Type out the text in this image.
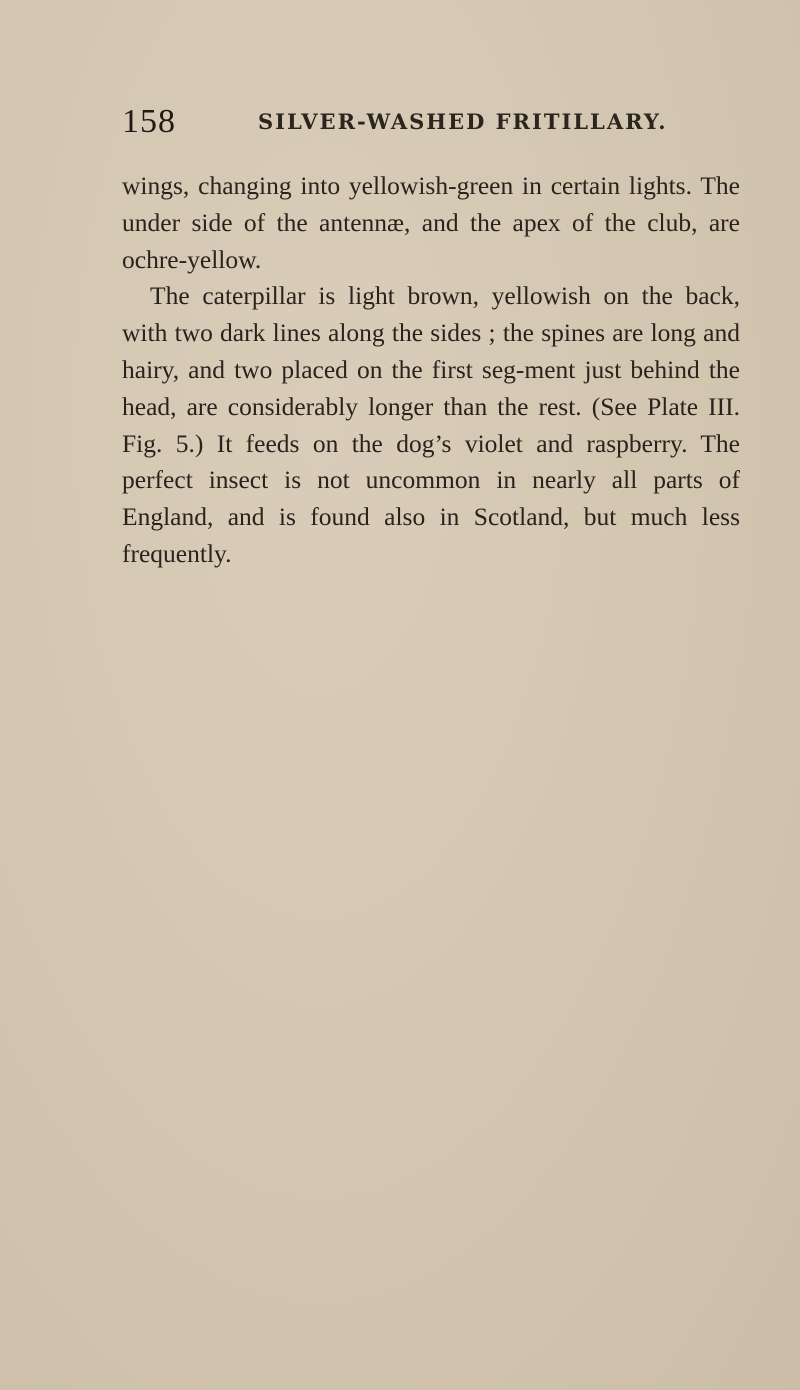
158	SILVER-WASHED FRITILLARY.

wings, changing into yellowish-green in certain lights. The under side of the antennæ, and the apex of the club, are ochre-yellow.

The caterpillar is light brown, yellowish on the back, with two dark lines along the sides ; the spines are long and hairy, and two placed on the first seg-ment just behind the head, are considerably longer than the rest. (See Plate III. Fig. 5.) It feeds on the dog’s violet and raspberry. The perfect insect is not uncommon in nearly all parts of England, and is found also in Scotland, but much less frequently.
